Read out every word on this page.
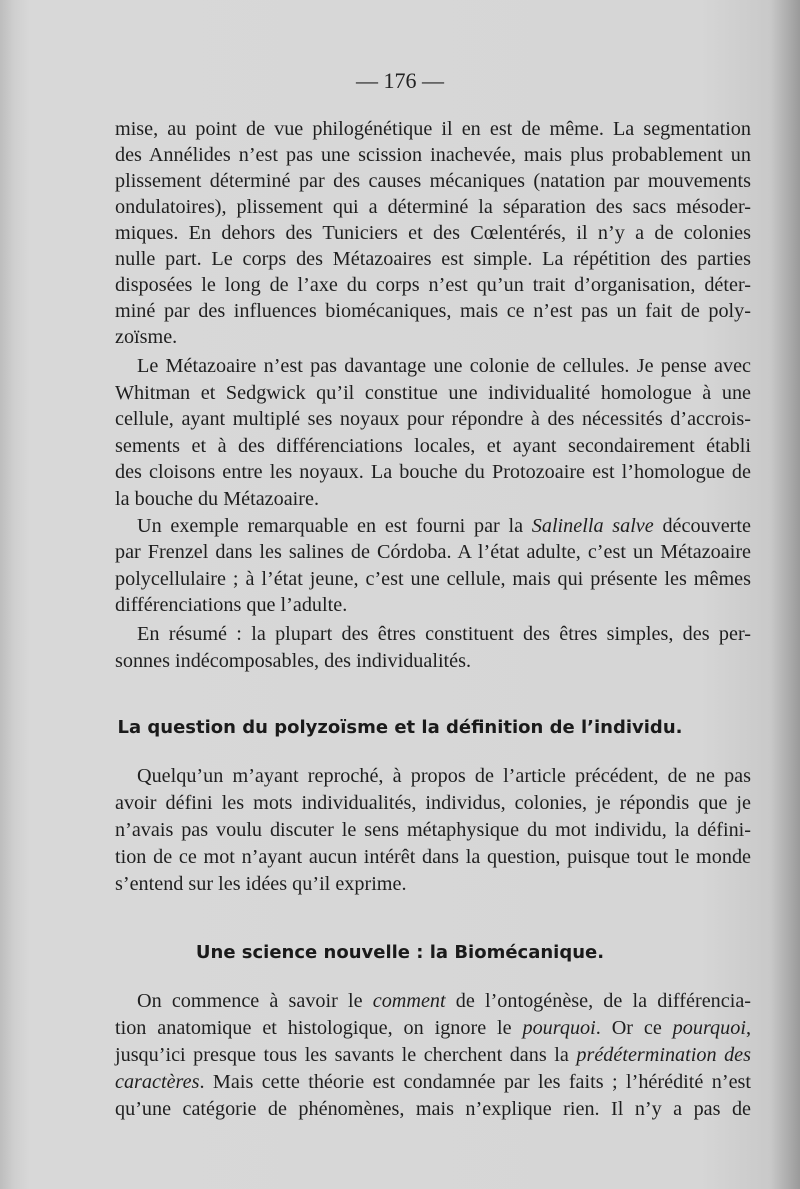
— 176 —
mise, au point de vue philogénétique il en est de même. La segmentation
des Annélides n’est pas une scission inachevée, mais plus probablement un
plissement déterminé par des causes mécaniques (natation par mouvements
ondulatoires), plissement qui a déterminé la séparation des sacs mésoder-
miques. En dehors des Tuniciers et des Cœlentérés, il n’y a de colonies
nulle part. Le corps des Métazoaires est simple. La répétition des parties
disposées le long de l’axe du corps n’est qu’un trait d’organisation, déter-
miné par des influences biomécaniques, mais ce n’est pas un fait de poly-
zoïsme.
Le Métazoaire n’est pas davantage une colonie de cellules. Je pense avec
Whitman et Sedgwick qu’il constitue une individualité homologue à une
cellule, ayant multiplé ses noyaux pour répondre à des nécessités d’accrois-
sements et à des différenciations locales, et ayant secondairement établi
des cloisons entre les noyaux. La bouche du Protozoaire est l’homologue de
la bouche du Métazoaire.
Un exemple remarquable en est fourni par la Salinella salve découverte
par Frenzel dans les salines de Córdoba. A l’état adulte, c’est un Métazoaire
polycellulaire ; à l’état jeune, c’est une cellule, mais qui présente les mêmes
différenciations que l’adulte.
En résumé : la plupart des êtres constituent des êtres simples, des per-
sonnes indécomposables, des individualités.
Quelqu’un m’ayant reproché, à propos de l’article précédent, de ne pas
avoir défini les mots individualités, individus, colonies, je répondis que je
n’avais pas voulu discuter le sens métaphysique du mot individu, la défini-
tion de ce mot n’ayant aucun intérêt dans la question, puisque tout le monde
s’entend sur les idées qu’il exprime.
On commence à savoir le comment de l’ontogénèse, de la différencia-
tion anatomique et histologique, on ignore le pourquoi. Or ce pourquoi,
jusqu’ici presque tous les savants le cherchent dans la prédétermination des
caractères. Mais cette théorie est condamnée par les faits ; l’hérédité n’est
qu’une catégorie de phénomènes, mais n’explique rien. Il n’y a pas de
La question du polyzoïsme et la définition de l’individu.
Une science nouvelle : la Biomécanique.
